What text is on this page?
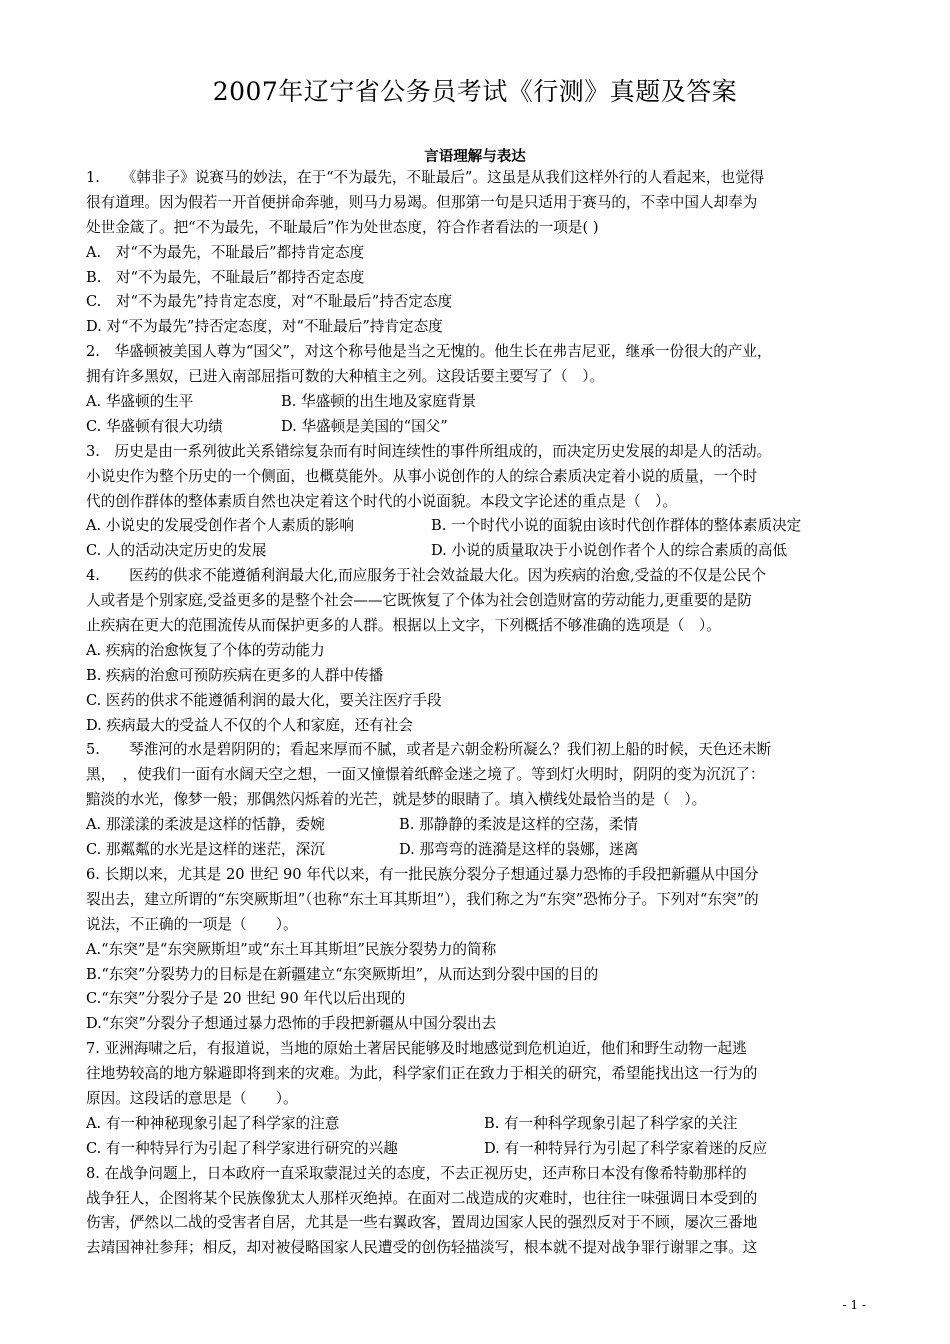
2007年辽宁省公务员考试《行测》真题及答案
言语理解与表达
1.　　《韩非子》说赛马的妙法，在于“不为最先，不耻最后”。这虽是从我们这样外行的人看起来，也觉得
很有道理。因为假若一开首便拼命奔驰，则马力易竭。但那第一句是只适用于赛马的，不幸中国人却奉为
处世金箴了。把“不为最先，不耻最后”作为处世态度，符合作者看法的一项是( )
A.　对“不为最先，不耻最后”都持肯定态度
B.　对“不为最先，不耻最后”都持否定态度
C.　对“不为最先”持肯定态度，对“不耻最后”持否定态度
D. 对“不为最先”持否定态度，对“不耻最后”持肯定态度
2.　华盛顿被美国人尊为“国父”，对这个称号他是当之无愧的。他生长在弗吉尼亚，继承一份很大的产业，
拥有许多黑奴，已进入南部屈指可数的大种植主之列。这段话要主要写了（　）。
A. 华盛顿的生平	B. 华盛顿的出生地及家庭背景
C. 华盛顿有很大功绩	D. 华盛顿是美国的“国父”
3.　历史是由一系列彼此关系错综复杂而有时间连续性的事件所组成的，而决定历史发展的却是人的活动。
小说史作为整个历史的一个侧面，也概莫能外。从事小说创作的人的综合素质决定着小说的质量，一个时
代的创作群体的整体素质自然也决定着这个时代的小说面貌。本段文字论述的重点是（　）。
A. 小说史的发展受创作者个人素质的影响	B. 一个时代小说的面貌由该时代创作群体的整体素质决定
C. 人的活动决定历史的发展	D. 小说的质量取决于小说创作者个人的综合素质的高低
4.　　医药的供求不能遵循利润最大化,而应服务于社会效益最大化。因为疾病的治愈,受益的不仅是公民个
人或者是个别家庭,受益更多的是整个社会——它既恢复了个体为社会创造财富的劳动能力,更重要的是防
止疾病在更大的范围流传从而保护更多的人群。根据以上文字，下列概括不够准确的选项是（　）。
A. 疾病的治愈恢复了个体的劳动能力
B. 疾病的治愈可预防疾病在更多的人群中传播
C. 医药的供求不能遵循利润的最大化，要关注医疗手段
D. 疾病最大的受益人不仅的个人和家庭，还有社会
5.　　琴淮河的水是碧阴阴的；看起来厚而不腻，或者是六朝金粉所凝么？我们初上船的时候，天色还未断
黑，　，使我们一面有水阔天空之想，一面又憧憬着纸醉金迷之境了。等到灯火明时，阴阴的变为沉沉了：
黯淡的水光，像梦一般；那偶然闪烁着的光芒，就是梦的眼睛了。填入横线处最恰当的是（　）。
A. 那漾漾的柔波是这样的恬静，委婉	B. 那静静的柔波是这样的空荡，柔情
C. 那粼粼的水光是这样的迷茫，深沉	D. 那弯弯的涟漪是这样的袅娜，迷离
6. 长期以来，尤其是 20 世纪 90 年代以来，有一批民族分裂分子想通过暴力恐怖的手段把新疆从中国分
裂出去，建立所谓的“东突厥斯坦”（也称“东土耳其斯坦”），我们称之为“东突”恐怖分子。下列对“东突”的
说法，不正确的一项是（　　）。
A.“东突”是“东突厥斯坦”或“东土耳其斯坦”民族分裂势力的简称
B.“东突”分裂势力的目标是在新疆建立“东突厥斯坦”，从而达到分裂中国的目的
C.“东突”分裂分子是 20 世纪 90 年代以后出现的
D.“东突”分裂分子想通过暴力恐怖的手段把新疆从中国分裂出去
7. 亚洲海啸之后，有报道说，当地的原始土著居民能够及时地感觉到危机迫近，他们和野生动物一起逃
往地势较高的地方躲避即将到来的灾难。为此，科学家们正在致力于相关的研究，希望能找出这一行为的
原因。这段话的意思是（　　）。
A. 有一种神秘现象引起了科学家的注意	B. 有一种科学现象引起了科学家的关注
C. 有一种特异行为引起了科学家进行研究的兴趣	D. 有一种特异行为引起了科学家着迷的反应
8. 在战争问题上，日本政府一直采取蒙混过关的态度，不去正视历史，还声称日本没有像希特勒那样的
战争狂人，企图将某个民族像犹太人那样灭绝掉。在面对二战造成的灾难时，也往往一味强调日本受到的
伤害，俨然以二战的受害者自居，尤其是一些右翼政客，置周边国家人民的强烈反对于不顾，屡次三番地
去靖国神社参拜；相反，却对被侵略国家人民遭受的创伤轻描淡写，根本就不提对战争罪行谢罪之事。这
- 1 -
